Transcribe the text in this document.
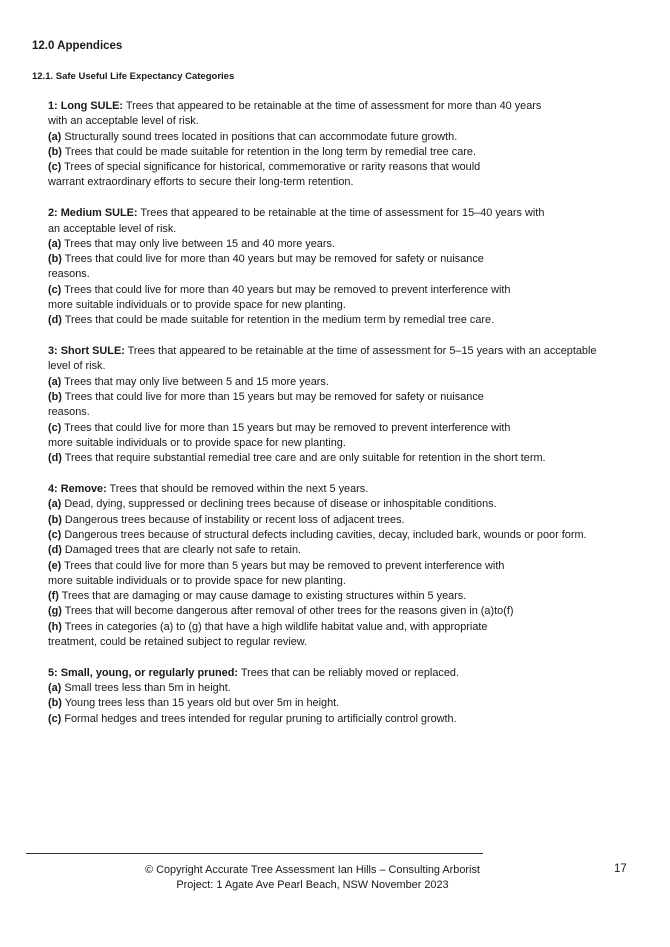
12.0 Appendices
12.1. Safe Useful Life Expectancy Categories
1: Long SULE: Trees that appeared to be retainable at the time of assessment for more than 40 years
with an acceptable level of risk.
(a) Structurally sound trees located in positions that can accommodate future growth.
(b) Trees that could be made suitable for retention in the long term by remedial tree care.
(c) Trees of special significance for historical, commemorative or rarity reasons that would
warrant extraordinary efforts to secure their long-term retention.
2: Medium SULE: Trees that appeared to be retainable at the time of assessment for 15–40 years with
an acceptable level of risk.
(a) Trees that may only live between 15 and 40 more years.
(b) Trees that could live for more than 40 years but may be removed for safety or nuisance
reasons.
(c) Trees that could live for more than 40 years but may be removed to prevent interference with
more suitable individuals or to provide space for new planting.
(d) Trees that could be made suitable for retention in the medium term by remedial tree care.
3: Short SULE: Trees that appeared to be retainable at the time of assessment for 5–15 years with an acceptable
level of risk.
(a) Trees that may only live between 5 and 15 more years.
(b) Trees that could live for more than 15 years but may be removed for safety or nuisance
reasons.
(c) Trees that could live for more than 15 years but may be removed to prevent interference with
more suitable individuals or to provide space for new planting.
(d) Trees that require substantial remedial tree care and are only suitable for retention in the short term.
4: Remove: Trees that should be removed within the next 5 years.
(a) Dead, dying, suppressed or declining trees because of disease or inhospitable conditions.
(b) Dangerous trees because of instability or recent loss of adjacent trees.
(c) Dangerous trees because of structural defects including cavities, decay, included bark, wounds or poor form.
(d) Damaged trees that are clearly not safe to retain.
(e) Trees that could live for more than 5 years but may be removed to prevent interference with
more suitable individuals or to provide space for new planting.
(f) Trees that are damaging or may cause damage to existing structures within 5 years.
(g) Trees that will become dangerous after removal of other trees for the reasons given in (a)to(f)
(h) Trees in categories (a) to (g) that have a high wildlife habitat value and, with appropriate
treatment, could be retained subject to regular review.
5: Small, young, or regularly pruned: Trees that can be reliably moved or replaced.
(a) Small trees less than 5m in height.
(b) Young trees less than 15 years old but over 5m in height.
(c) Formal hedges and trees intended for regular pruning to artificially control growth.
© Copyright Accurate Tree Assessment Ian Hills – Consulting Arborist
Project: 1 Agate Ave Pearl Beach, NSW November 2023
17
